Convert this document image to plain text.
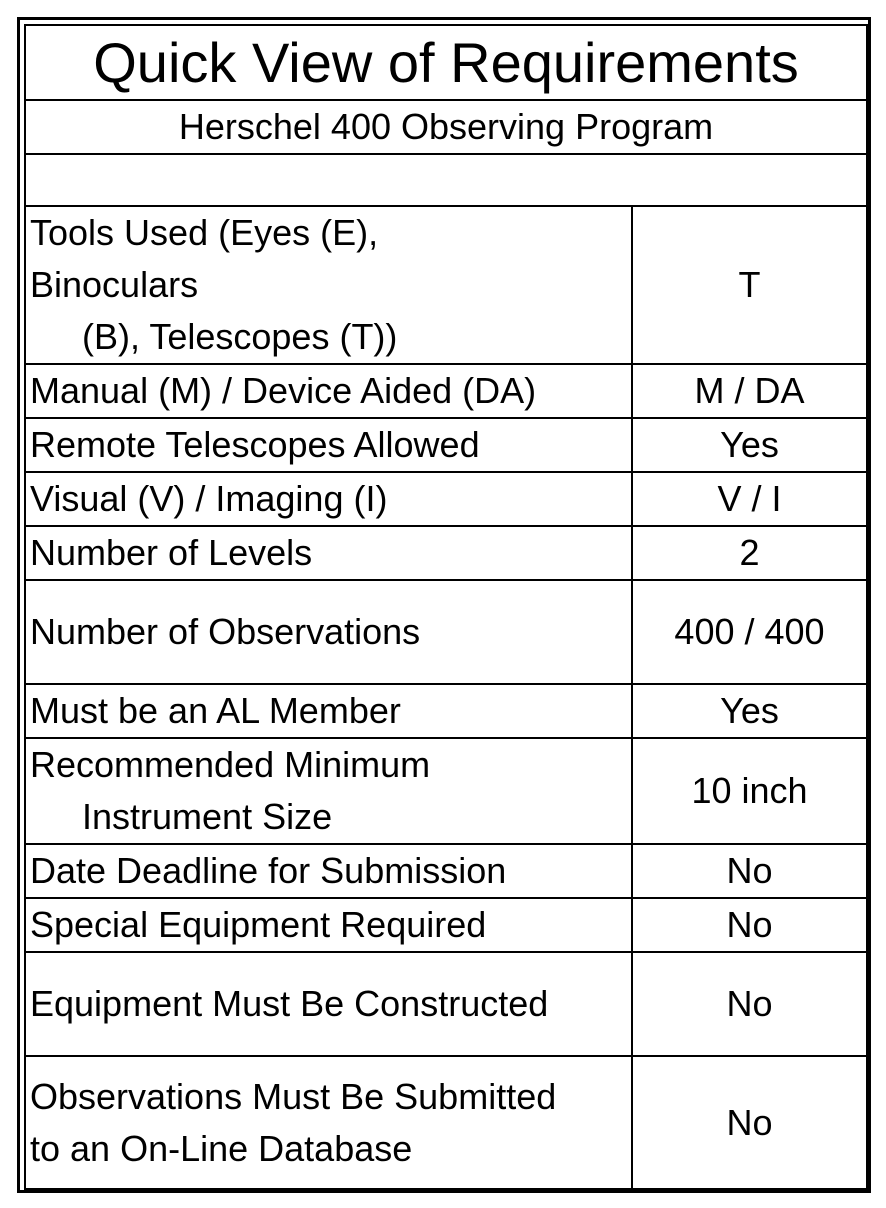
Quick View of Requirements	
Herschel 400 Observing Program	

Tools Used (Eyes (E),
Binoculars
(B), Telescopes (T))	T
Manual (M) / Device Aided (DA)	M / DA
Remote Telescopes Allowed	Yes
Visual (V) / Imaging (I)	V / I
Number of Levels	2
Number of Observations	400 / 400
Must be an AL Member	Yes

Recommended Minimum
Instrument Size	10 inch
Date Deadline for Submission	No
Special Equipment Required	No
Equipment Must Be Constructed	No

Observations Must Be Submitted
to an On-Line Database	No
